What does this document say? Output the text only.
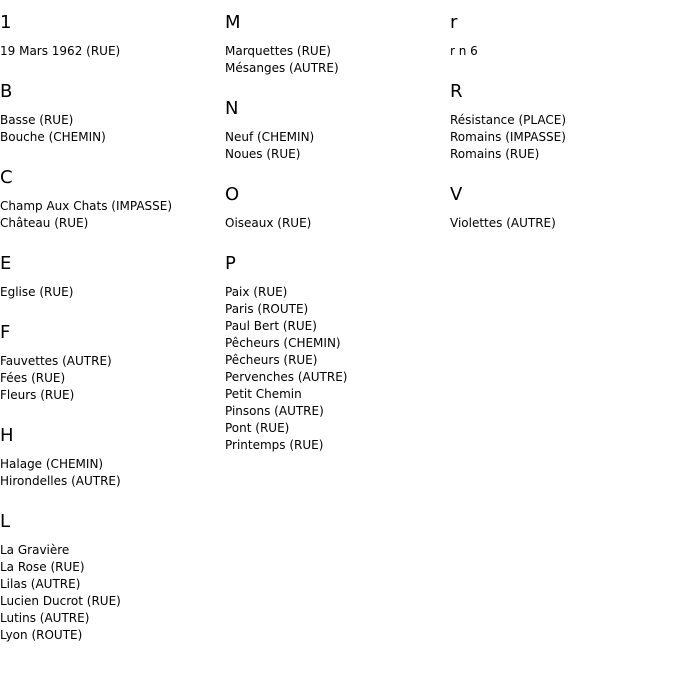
1
19 Mars 1962 (RUE)
B
Basse (RUE)
Bouche (CHEMIN)
C
Champ Aux Chats (IMPASSE)
Château (RUE)
E
Eglise (RUE)
F
Fauvettes (AUTRE)
Fées (RUE)
Fleurs (RUE)
H
Halage (CHEMIN)
Hirondelles (AUTRE)
L
La Gravière
La Rose (RUE)
Lilas (AUTRE)
Lucien Ducrot (RUE)
Lutins (AUTRE)
Lyon (ROUTE)
M
Marquettes (RUE)
Mésanges (AUTRE)
N
Neuf (CHEMIN)
Noues (RUE)
O
Oiseaux (RUE)
P
Paix (RUE)
Paris (ROUTE)
Paul Bert (RUE)
Pêcheurs (CHEMIN)
Pêcheurs (RUE)
Pervenches (AUTRE)
Petit Chemin
Pinsons (AUTRE)
Pont (RUE)
Printemps (RUE)
r
r n 6
R
Résistance (PLACE)
Romains (IMPASSE)
Romains (RUE)
V
Violettes (AUTRE)
